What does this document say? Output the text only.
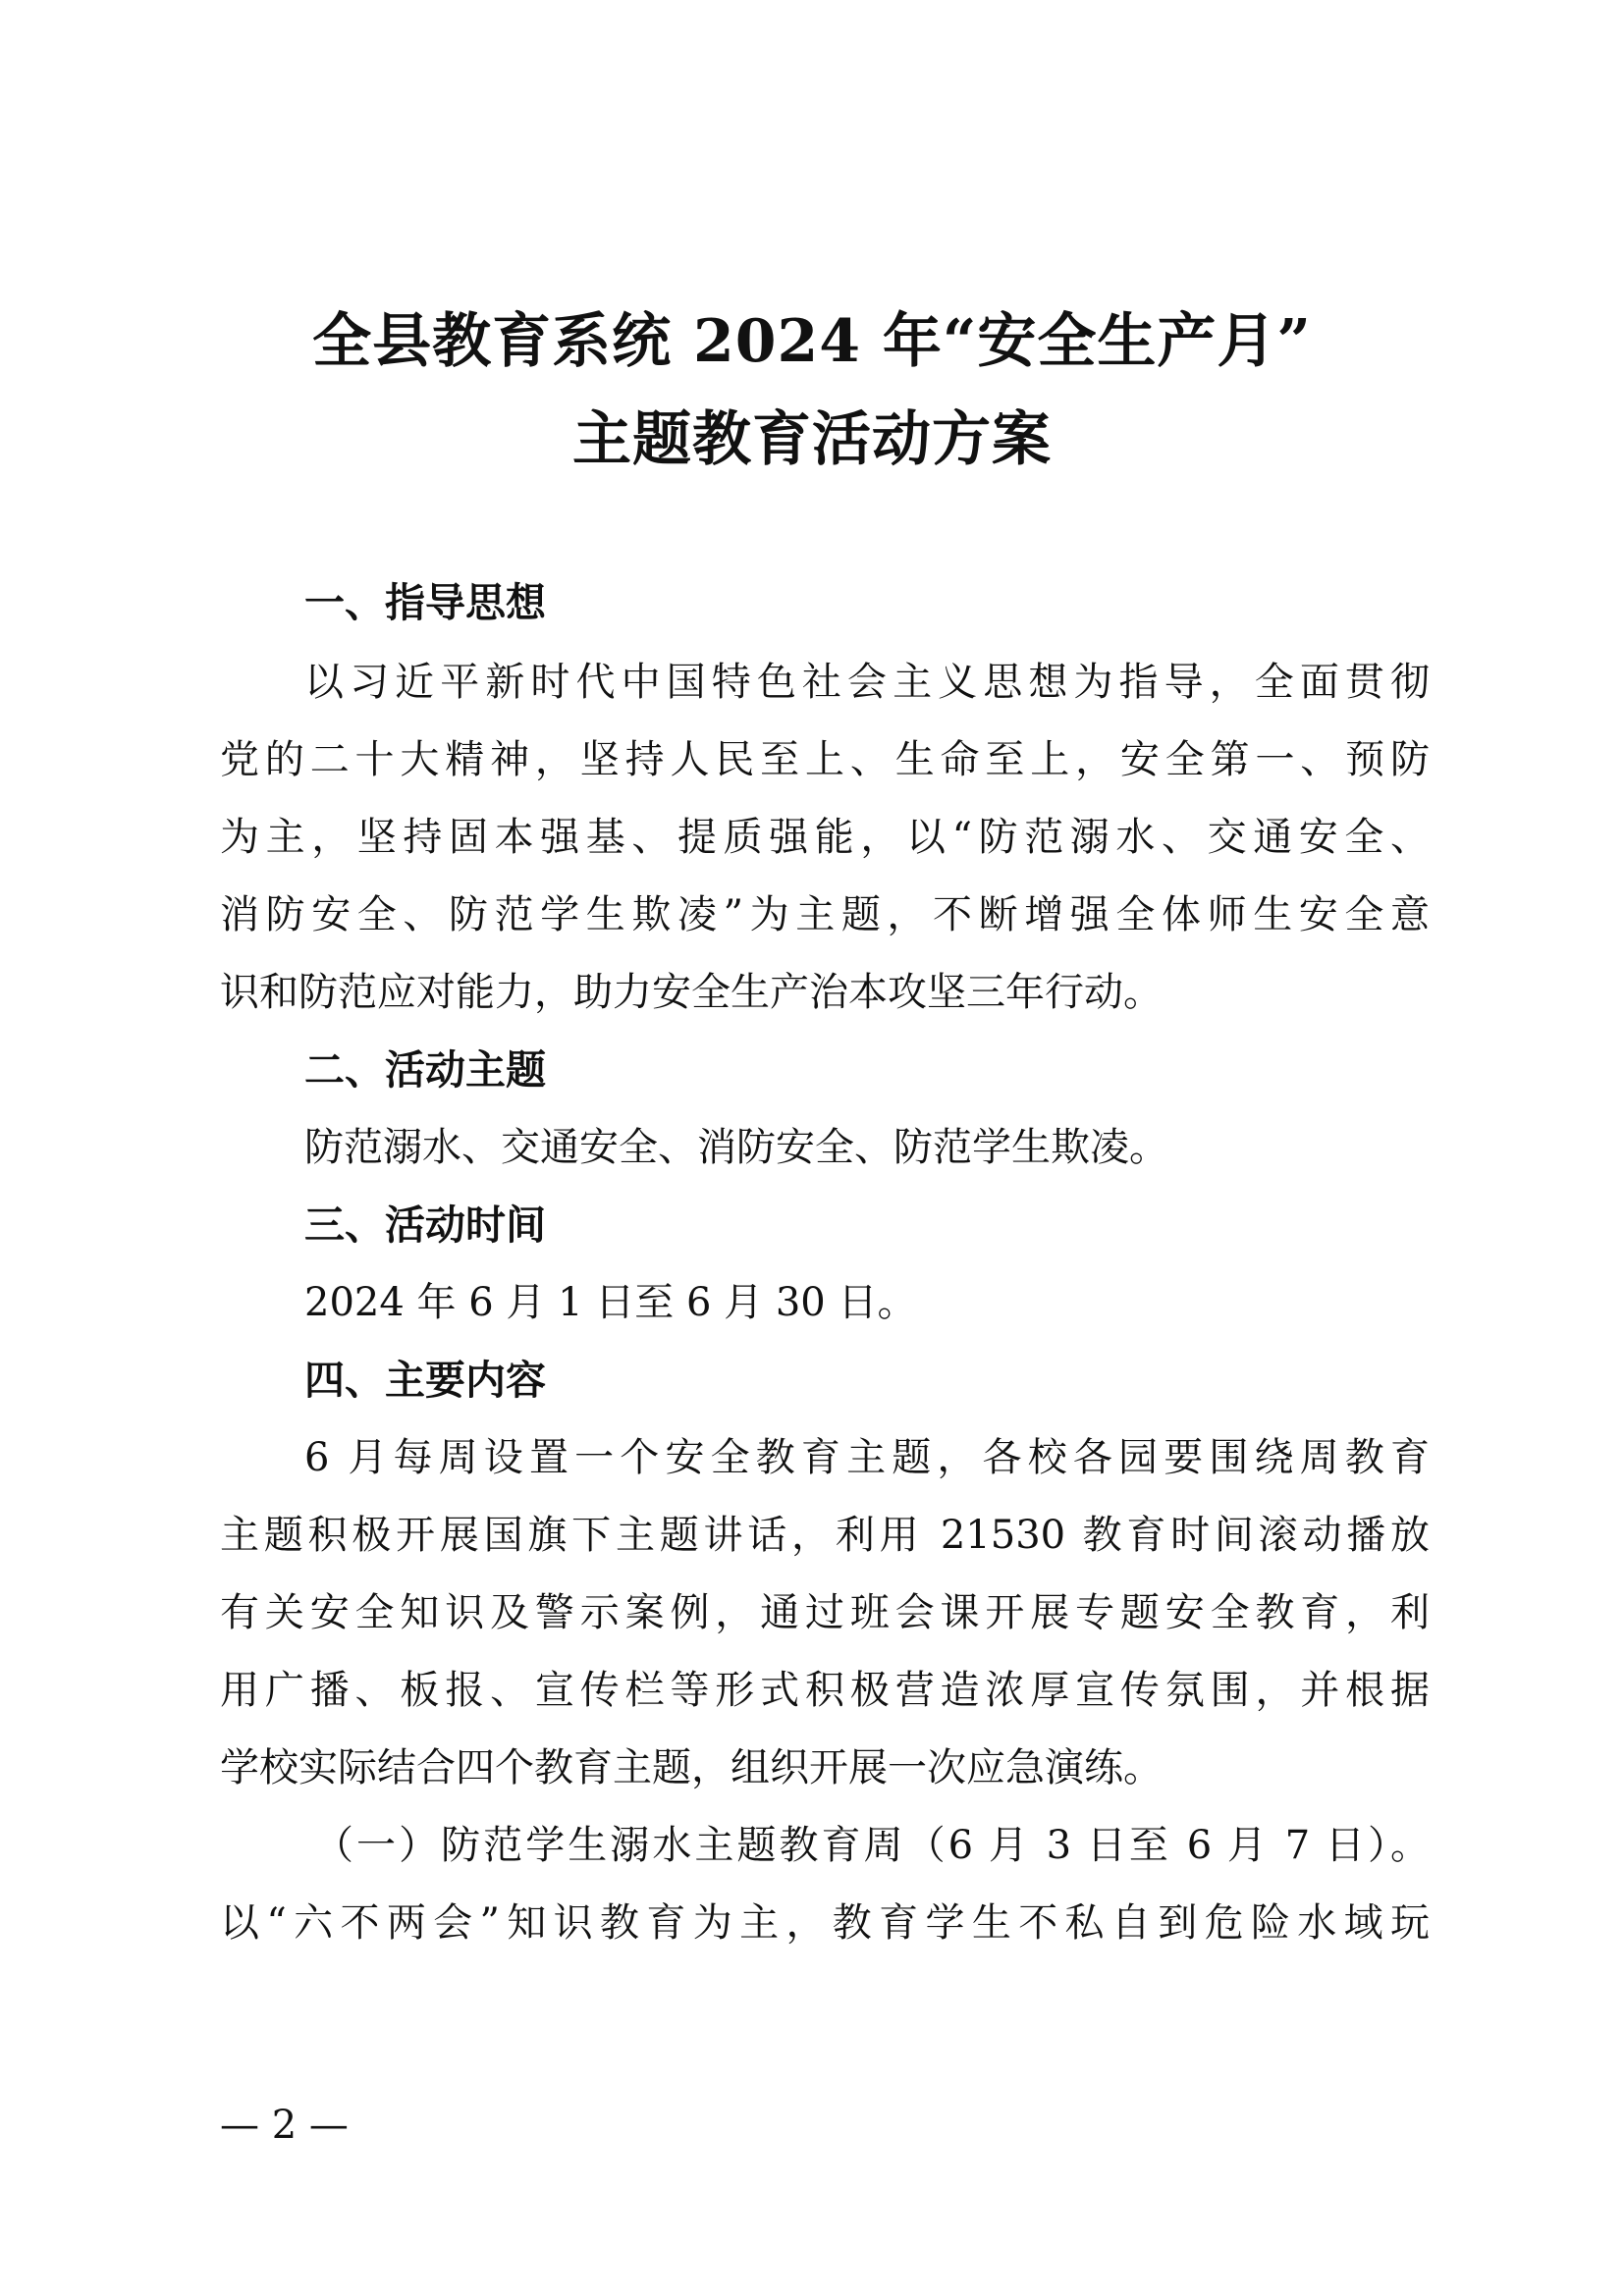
全县教育系统 2024 年“安全生产月”
主题教育活动方案
一、指导思想
以习近平新时代中国特色社会主义思想为指导，全面贯彻
党的二十大精神，坚持人民至上、生命至上，安全第一、预防
为主，坚持固本强基、提质强能，以“防范溺水、交通安全、
消防安全、防范学生欺凌”为主题，不断增强全体师生安全意
识和防范应对能力，助力安全生产治本攻坚三年行动。
二、活动主题
防范溺水、交通安全、消防安全、防范学生欺凌。
三、活动时间
2024 年 6 月 1 日至 6 月 30 日。
四、主要内容
6 月每周设置一个安全教育主题，各校各园要围绕周教育
主题积极开展国旗下主题讲话，利用 21530 教育时间滚动播放
有关安全知识及警示案例，通过班会课开展专题安全教育，利
用广播、板报、宣传栏等形式积极营造浓厚宣传氛围，并根据
学校实际结合四个教育主题，组织开展一次应急演练。
（一）防范学生溺水主题教育周（6 月 3 日至 6 月 7 日）。
以“六不两会”知识教育为主，教育学生不私自到危险水域玩
— 2 —
